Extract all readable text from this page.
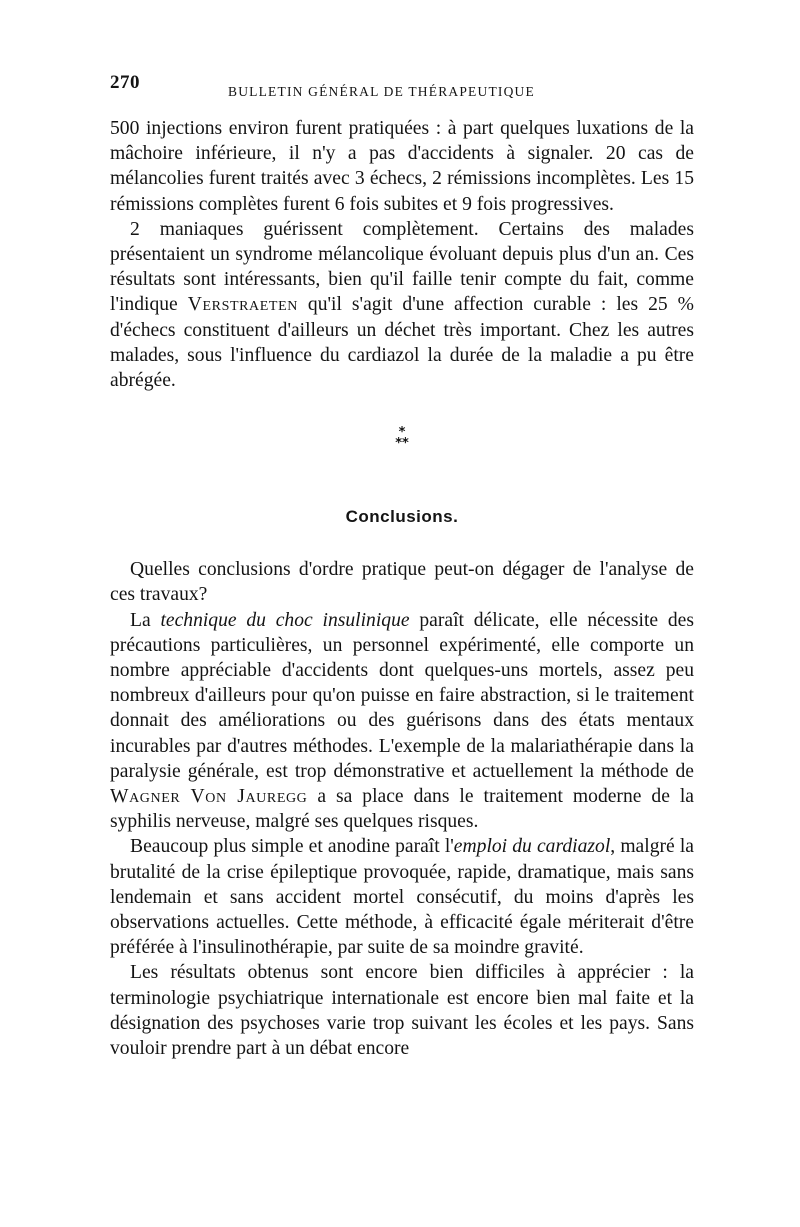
270	BULLETIN GÉNÉRAL DE THÉRAPEUTIQUE

500 injections environ furent pratiquées : à part quelques luxations de la mâchoire inférieure, il n'y a pas d'accidents à signaler. 20 cas de mélancolies furent traités avec 3 échecs, 2 rémissions incomplètes. Les 15 rémissions complètes furent 6 fois subites et 9 fois progressives.

2 maniaques guérissent complètement. Certains des malades présentaient un syndrome mélancolique évoluant depuis plus d'un an. Ces résultats sont intéressants, bien qu'il faille tenir compte du fait, comme l'indique Verstraeten qu'il s'agit d'une affection curable : les 25 % d'échecs constituent d'ailleurs un déchet très important. Chez les autres malades, sous l'influence du cardiazol la durée de la maladie a pu être abrégée.

*
**
Conclusions.

Quelles conclusions d'ordre pratique peut-on dégager de l'analyse de ces travaux?

La technique du choc insulinique paraît délicate, elle nécessite des précautions particulières, un personnel expérimenté, elle comporte un nombre appréciable d'accidents dont quelques-uns mortels, assez peu nombreux d'ailleurs pour qu'on puisse en faire abstraction, si le traitement donnait des améliorations ou des guérisons dans des états mentaux incurables par d'autres méthodes. L'exemple de la malariathérapie dans la paralysie générale, est trop démonstrative et actuellement la méthode de Wagner Von Jauregg a sa place dans le traitement moderne de la syphilis nerveuse, malgré ses quelques risques.

Beaucoup plus simple et anodine paraît l'emploi du cardiazol, malgré la brutalité de la crise épileptique provoquée, rapide, dramatique, mais sans lendemain et sans accident mortel consécutif, du moins d'après les observations actuelles. Cette méthode, à efficacité égale mériterait d'être préférée à l'insulinothérapie, par suite de sa moindre gravité.

Les résultats obtenus sont encore bien difficiles à apprécier : la terminologie psychiatrique internationale est encore bien mal faite et la désignation des psychoses varie trop suivant les écoles et les pays. Sans vouloir prendre part à un débat encore
